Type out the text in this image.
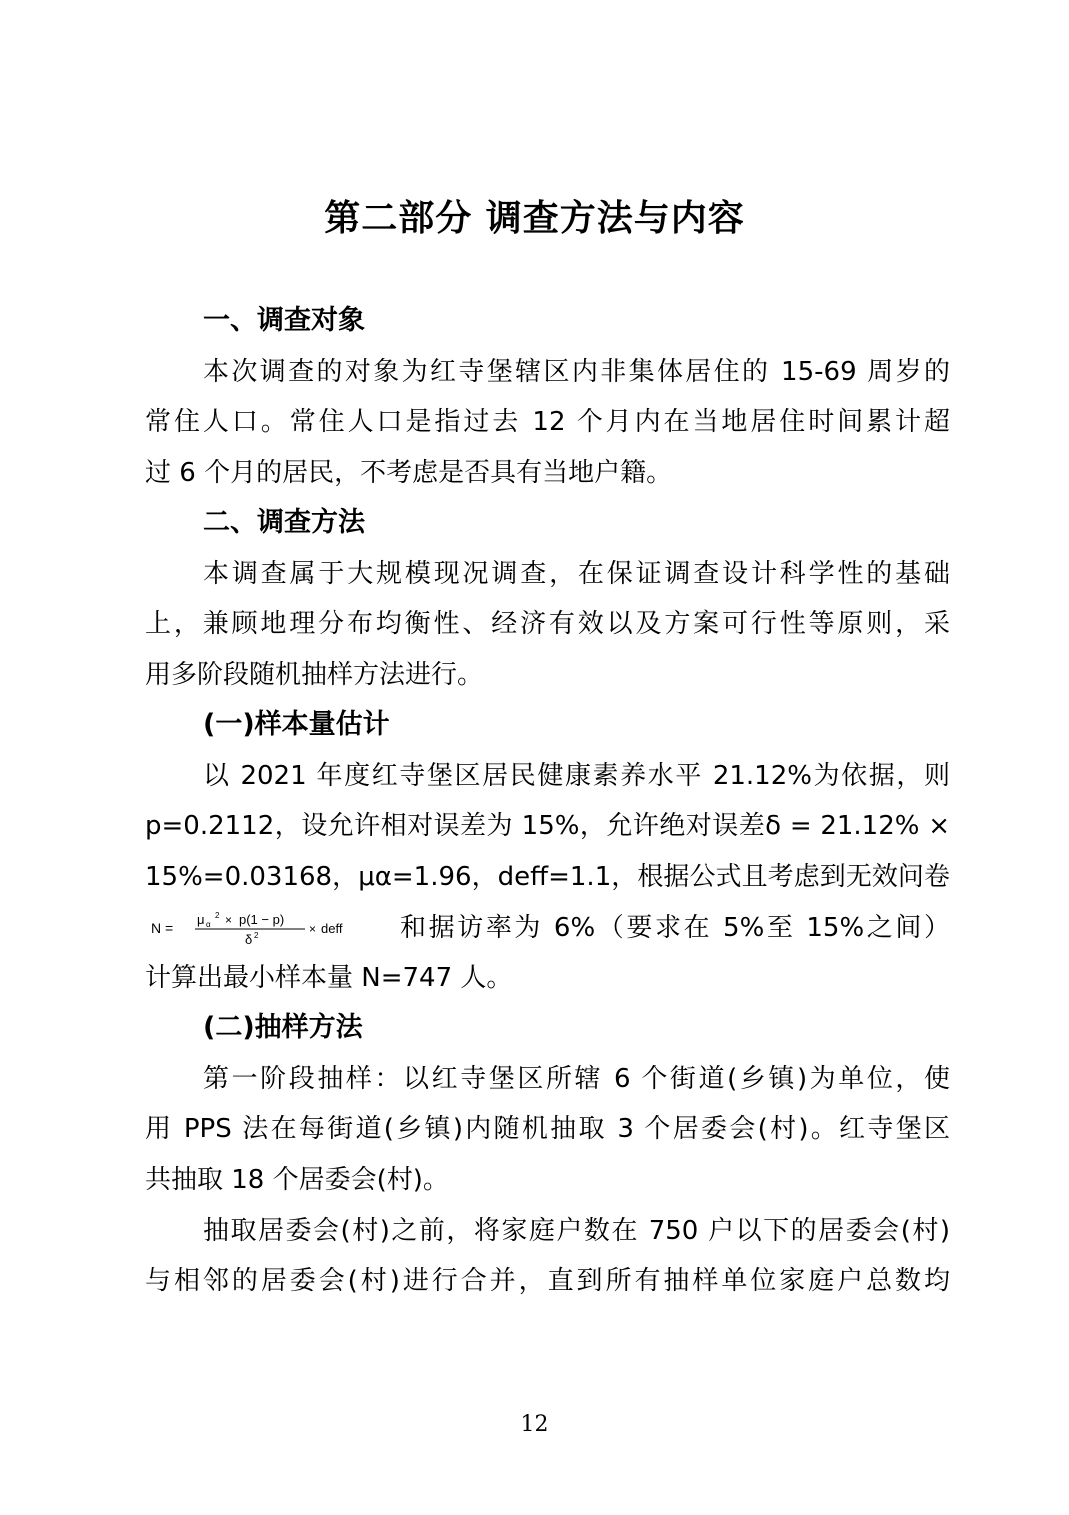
第二部分 调查方法与内容

一、调查对象

本次调查的对象为红寺堡辖区内非集体居住的 15-69 周岁的

常住人口。常住人口是指过去 12 个月内在当地居住时间累计超

过 6 个月的居民，不考虑是否具有当地户籍。

二、调查方法

本调查属于大规模现况调查，在保证调查设计科学性的基础

上，兼顾地理分布均衡性、经济有效以及方案可行性等原则，采

用多阶段随机抽样方法进行。

(一)样本量估计

以 2021 年度红寺堡区居民健康素养水平 21.12%为依据，则

p=0.2112，设允许相对误差为 15%，允许绝对误差δ = 21.12% ×

15%=0.03168，μα=1.96，deff=1.1，根据公式且考虑到无效问卷

N =
μ α
2 × p(1 − p)
δ 2	× deff 和据访率为 6%（要求在 5%至 15%之间）

计算出最小样本量 N=747 人。

(二)抽样方法

第一阶段抽样：以红寺堡区所辖 6 个街道(乡镇)为单位，使

用 PPS 法在每街道(乡镇)内随机抽取 3 个居委会(村)。红寺堡区

共抽取 18 个居委会(村)。

抽取居委会(村)之前，将家庭户数在 750 户以下的居委会(村)

与相邻的居委会(村)进行合并，直到所有抽样单位家庭户总数均

12
